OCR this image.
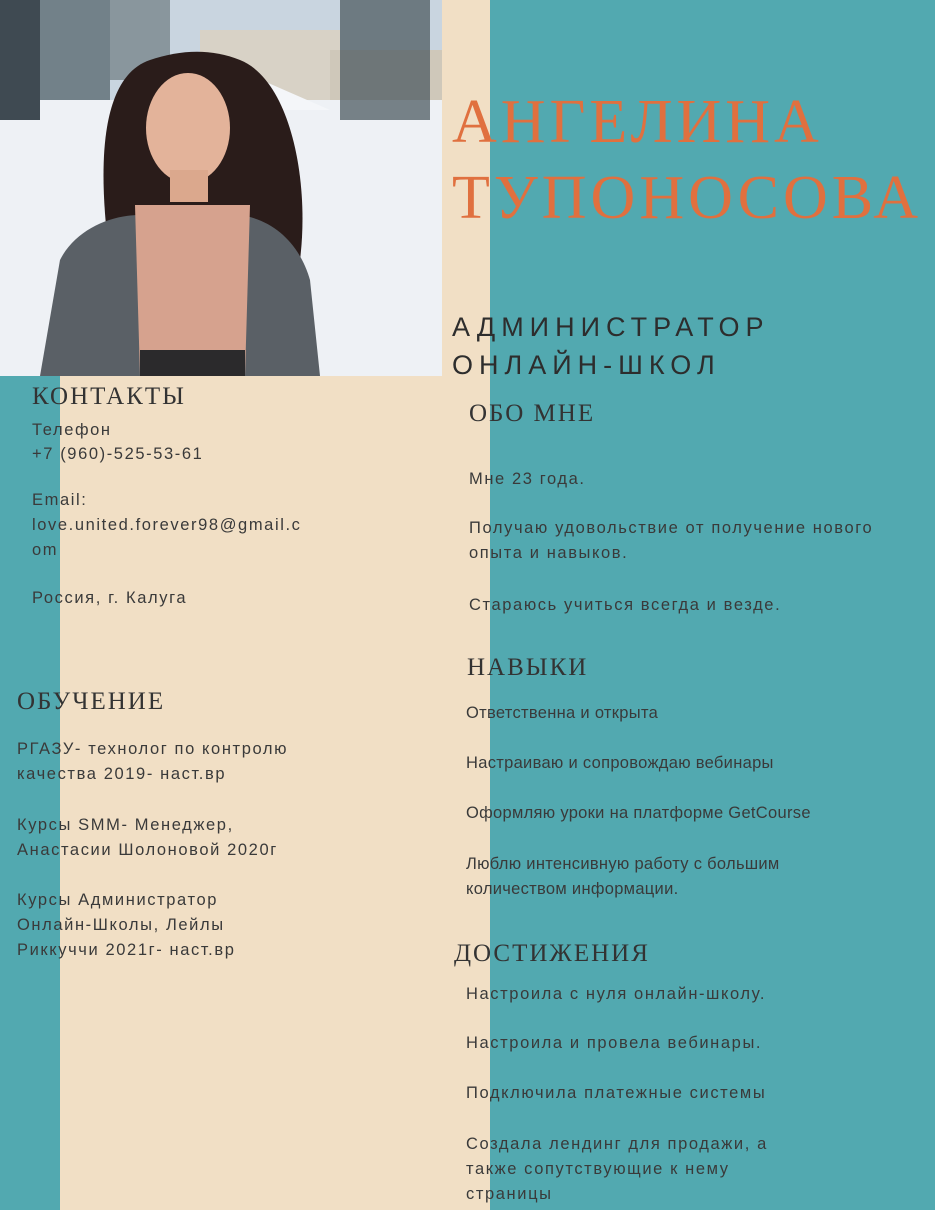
АНГЕЛИНА
ТУПОНОСОВА
АДМИНИСТРАТОР
ОНЛАЙН-ШКОЛ
КОНТАКТЫ
Телефон
+7 (960)-525-53-61
Email:
love.united.forever98@gmail.c
om
Россия, г. Калуга
ОБУЧЕНИЕ
РГАЗУ- технолог по контролю
качества 2019- наст.вр
Курсы SMM- Менеджер,
Анастасии Шолоновой 2020г
Курсы Администратор
Онлайн-Школы, Лейлы
Риккуччи 2021г- наст.вр
ОБО МНЕ
Мне 23 года.
Получаю удовольствие от получение нового
опыта и навыков.
Стараюсь учиться всегда и везде.
НАВЫКИ
Ответственна и открыта
Настраиваю и сопровождаю вебинары
Оформляю уроки на платформе GetCourse
Люблю интенсивную работу с большим
количеством информации.
ДОСТИЖЕНИЯ
Настроила с нуля онлайн-школу.
Настроила и провела вебинары.
Подключила платежные системы
Создала лендинг для продажи, а
также сопутствующие к нему
страницы
